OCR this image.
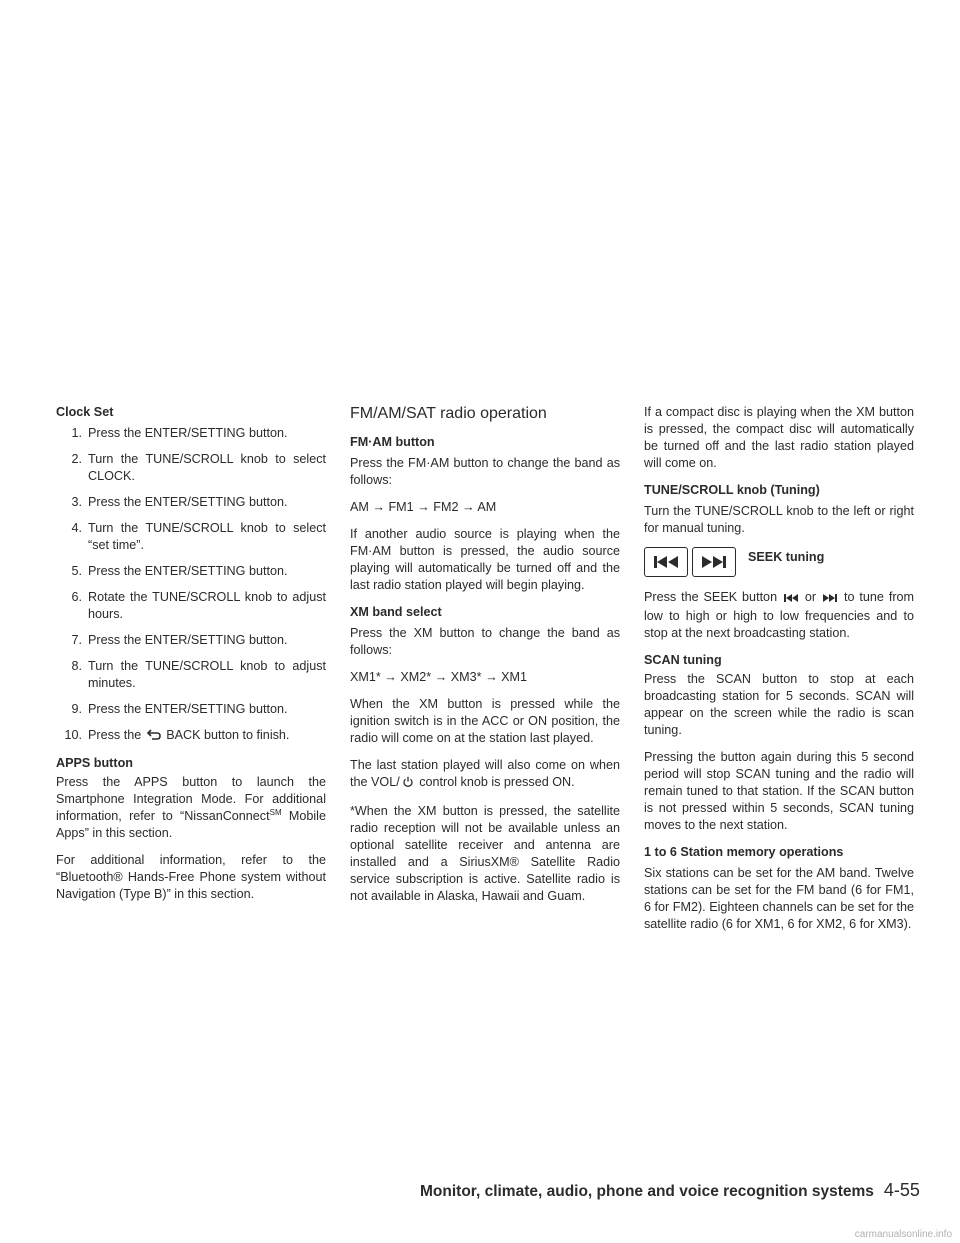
Clock Set
1. Press the ENTER/SETTING button.
2. Turn the TUNE/SCROLL knob to select CLOCK.
3. Press the ENTER/SETTING button.
4. Turn the TUNE/SCROLL knob to select “set time”.
5. Press the ENTER/SETTING button.
6. Rotate the TUNE/SCROLL knob to adjust hours.
7. Press the ENTER/SETTING button.
8. Turn the TUNE/SCROLL knob to adjust minutes.
9. Press the ENTER/SETTING button.
10. Press the BACK button to finish.
APPS button

Press the APPS button to launch the Smartphone Integration Mode. For additional information, refer to “NissanConnect℠ Mobile Apps” in this section.

For additional information, refer to the “Bluetooth® Hands-Free Phone system without Navigation (Type B)” in this section.

FM/AM/SAT radio operation
FM·AM button

Press the FM·AM button to change the band as follows:

AM → FM1 → FM2 → AM

If another audio source is playing when the FM·AM button is pressed, the audio source playing will automatically be turned off and the last radio station played will begin playing.

XM band select

Press the XM button to change the band as follows:

XM1* → XM2* → XM3* → XM1

When the XM button is pressed while the ignition switch is in the ACC or ON position, the radio will come on at the station last played.

The last station played will also come on when the VOL/ control knob is pressed ON.

*When the XM button is pressed, the satellite radio reception will not be available unless an optional satellite receiver and antenna are installed and a SiriusXM® Satellite Radio service subscription is active. Satellite radio is not available in Alaska, Hawaii and Guam.

If a compact disc is playing when the XM button is pressed, the compact disc will automatically be turned off and the last radio station played will come on.

TUNE/SCROLL knob (Tuning)

Turn the TUNE/SCROLL knob to the left or right for manual tuning.

SEEK tuning

Press the SEEK button or to tune from low to high or high to low frequencies and to stop at the next broadcasting station.

SCAN tuning

Press the SCAN button to stop at each broadcasting station for 5 seconds. SCAN will appear on the screen while the radio is scan tuning.

Pressing the button again during this 5 second period will stop SCAN tuning and the radio will remain tuned to that station. If the SCAN button is not pressed within 5 seconds, SCAN tuning moves to the next station.

1 to 6 Station memory operations

Six stations can be set for the AM band. Twelve stations can be set for the FM band (6 for FM1, 6 for FM2). Eighteen channels can be set for the satellite radio (6 for XM1, 6 for XM2, 6 for XM3).

Monitor, climate, audio, phone and voice recognition systems 4-55
carmanualsonline.info
